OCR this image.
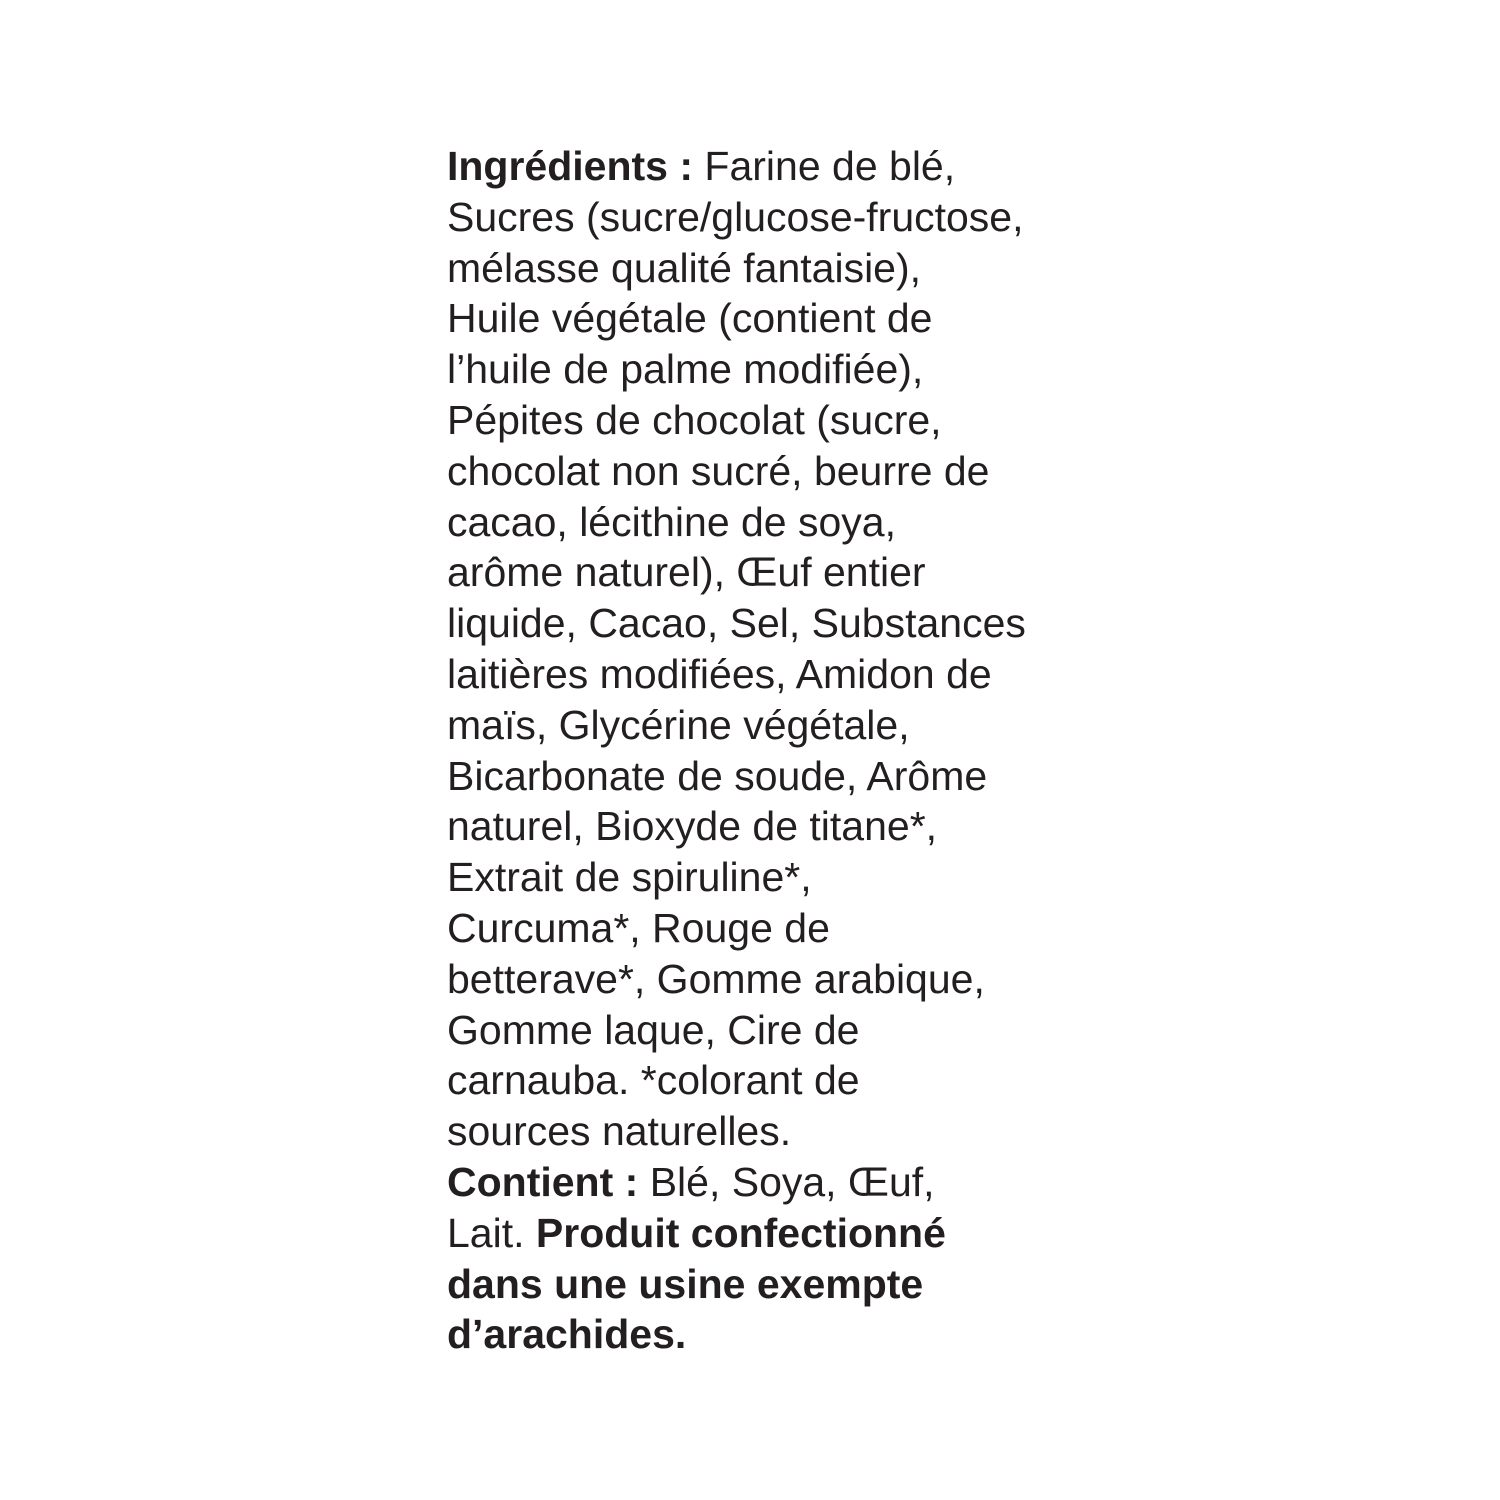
Ingrédients : Farine de blé,
Sucres (sucre/glucose-fructose,
mélasse qualité fantaisie),
Huile végétale (contient de
l’huile de palme modifiée),
Pépites de chocolat (sucre,
chocolat non sucré, beurre de
cacao, lécithine de soya,
arôme naturel), Œuf entier
liquide, Cacao, Sel, Substances
laitières modifiées, Amidon de
maïs, Glycérine végétale,
Bicarbonate de soude, Arôme
naturel, Bioxyde de titane*,
Extrait de spiruline*,
Curcuma*, Rouge de
betterave*, Gomme arabique,
Gomme laque, Cire de
carnauba. *colorant de
sources naturelles.
Contient : Blé, Soya, Œuf,
Lait. Produit confectionné
dans une usine exempte
d’arachides.
